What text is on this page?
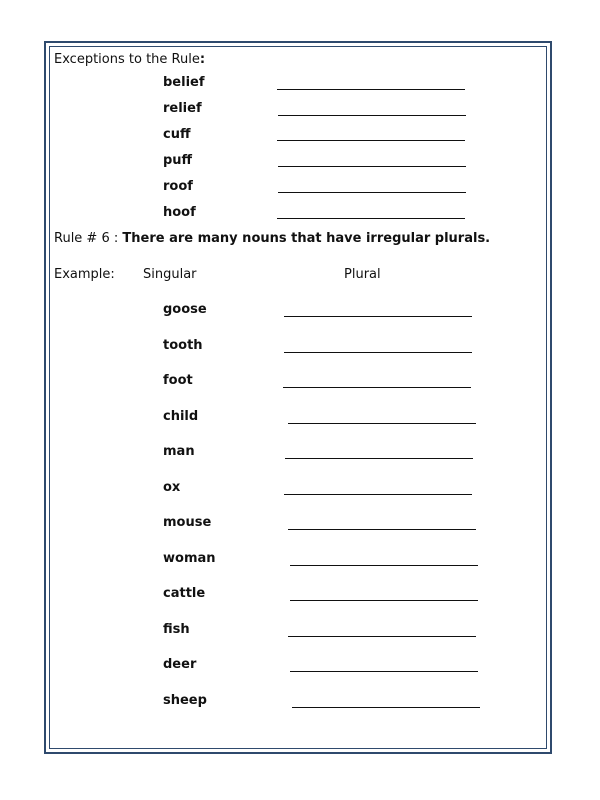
Exceptions to the Rule:
belief
relief
cuff
puff
roof
hoof
Rule # 6 : There are many nouns that have irregular plurals.
Example: Singular	Plural
goose
tooth
foot
child
man
ox
mouse
woman
cattle
fish
deer
sheep
